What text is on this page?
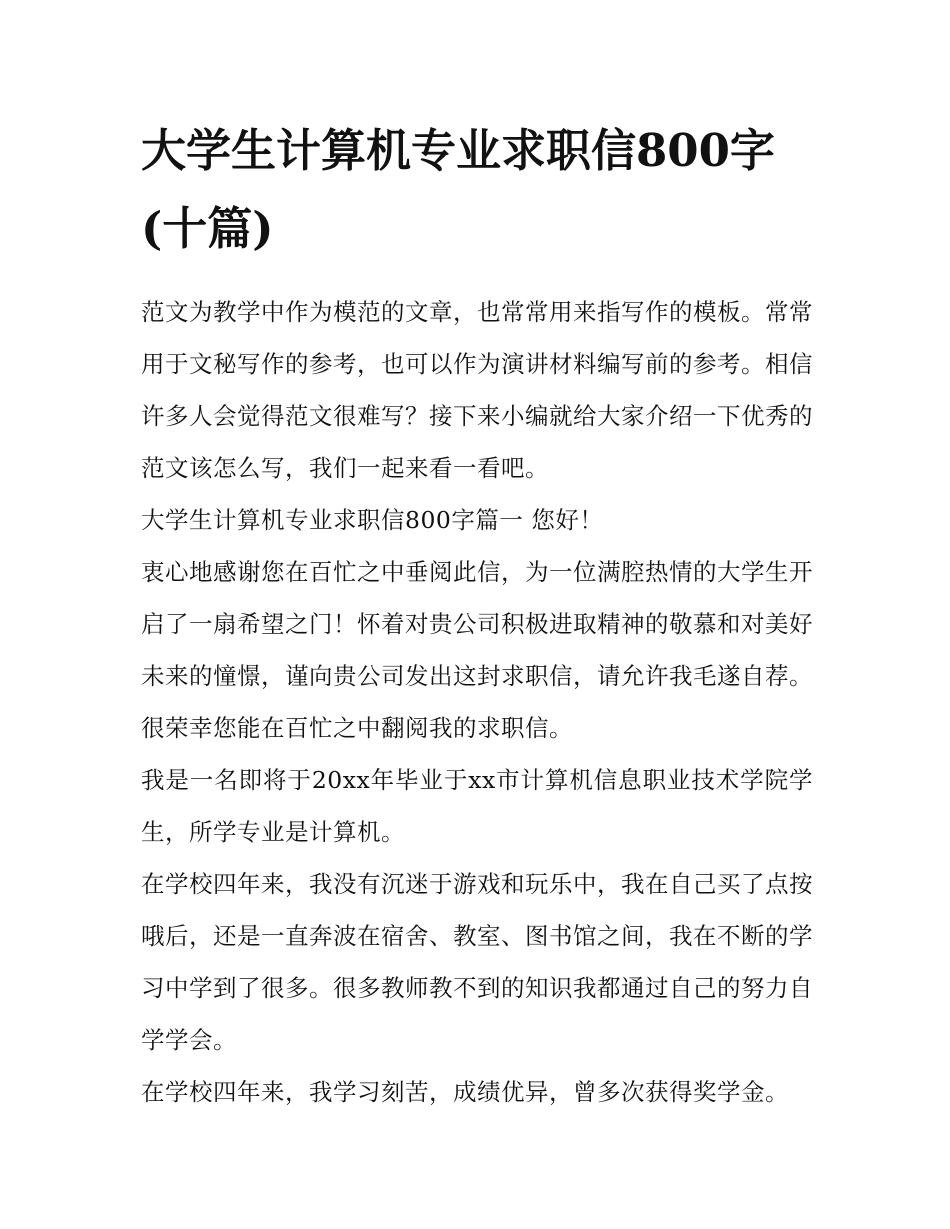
大学生计算机专业求职信800字(十篇)

范文为教学中作为模范的文章，也常常用来指写作的模板。常常用于文秘写作的参考，也可以作为演讲材料编写前的参考。相信许多人会觉得范文很难写？接下来小编就给大家介绍一下优秀的范文该怎么写，我们一起来看一看吧。

大学生计算机专业求职信800字篇一 您好！

衷心地感谢您在百忙之中垂阅此信，为一位满腔热情的大学生开启了一扇希望之门！怀着对贵公司积极进取精神的敬慕和对美好未来的憧憬，谨向贵公司发出这封求职信，请允许我毛遂自荐。很荣幸您能在百忙之中翻阅我的求职信。

我是一名即将于20xx年毕业于xx市计算机信息职业技术学院学生，所学专业是计算机。

在学校四年来，我没有沉迷于游戏和玩乐中，我在自己买了点按哦后，还是一直奔波在宿舍、教室、图书馆之间，我在不断的学习中学到了很多。很多教师教不到的知识我都通过自己的努力自学学会。

在学校四年来，我学习刻苦，成绩优异，曾多次获得奖学金。
